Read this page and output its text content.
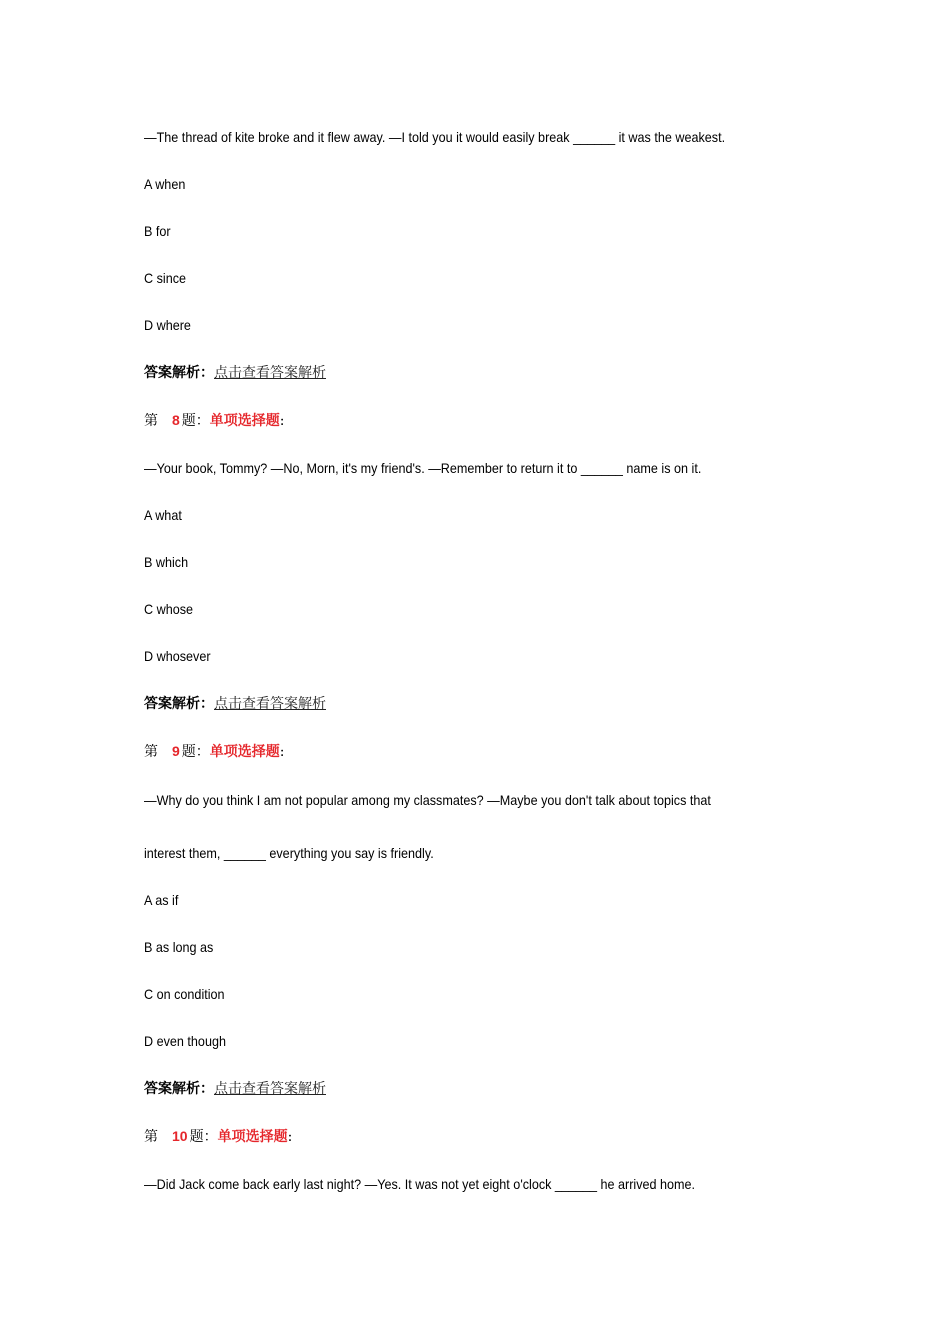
—The thread of kite broke and it flew away. —I told you it would easily break ______ it was the weakest.
A when
B for
C since
D where
答案解析：点击查看答案解析
第 8 题：单项选择题:
—Your book, Tommy? —No, Morn, it's my friend's. —Remember to return it to ______ name is on it.
A what
B which
C whose
D whosever
答案解析：点击查看答案解析
第 9 题：单项选择题:
—Why do you think I am not popular among my classmates? —Maybe you don't talk about topics that
interest them, ______ everything you say is friendly.
A as if
B as long as
C on condition
D even though
答案解析：点击查看答案解析
第 10 题：单项选择题:
—Did Jack come back early last night? —Yes. It was not yet eight o'clock ______ he arrived home.
